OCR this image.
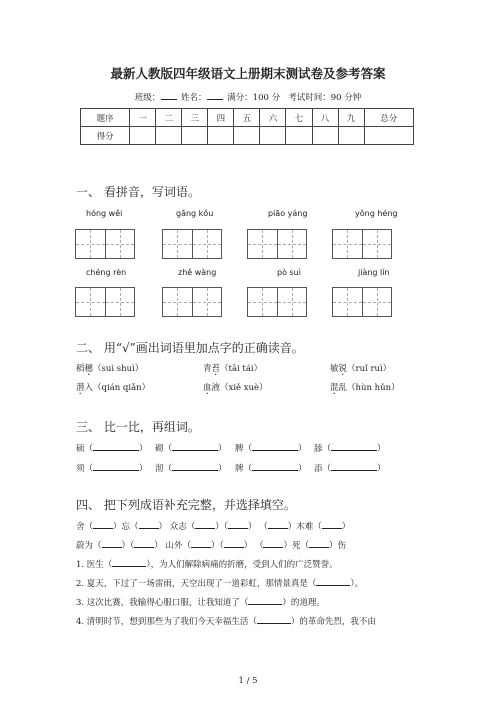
最新人教版四年级语文上册期末测试卷及参考答案
班级： 姓名： 满分：100 分 考试时间：90 分钟
题序	一	二	三	四	五	六	七	八	九	总分
得分										
一、 看拼音，写词语。
hóng wěi	gǎng kǒu	piāo yáng	yǒng héng
chéng rèn	zhě wàng	pò suì	jiàng lín
二、 用“√”画出词语里加点字的正确读音。
稻穗（suì shuì）	青苔（tāi tái）	敏锐（ruǐ ruì）
潜入（qián qiǎn）	血液（xiě xuè）	混乱（hùn hǔn）
三、 比一比，再组词。
硕（	） 砌（	） 脾（	） 舔（	）
须（	） 沏（	） 牌（	） 添（	）
四、 把下列成语补充完整，并选择填空。
舍（ ）忘（ ） 众志（ ）（ ） （ ）木难（ ）
蔚为（ ）（ ） 山外（ ）（ ） （ ）死（ ）伤
1. 医生（	），为人们解除病痛的折磨，受到人们的广泛赞誉。
2. 夏天，下过了一场雷雨，天空出现了一道彩虹，那情景真是（	）。
3. 这次比赛，我输得心服口服，让我知道了（	）的道理。
4. 清明时节，想到那些为了我们今天幸福生活（	）的革命先烈，我不由
1 / 5
